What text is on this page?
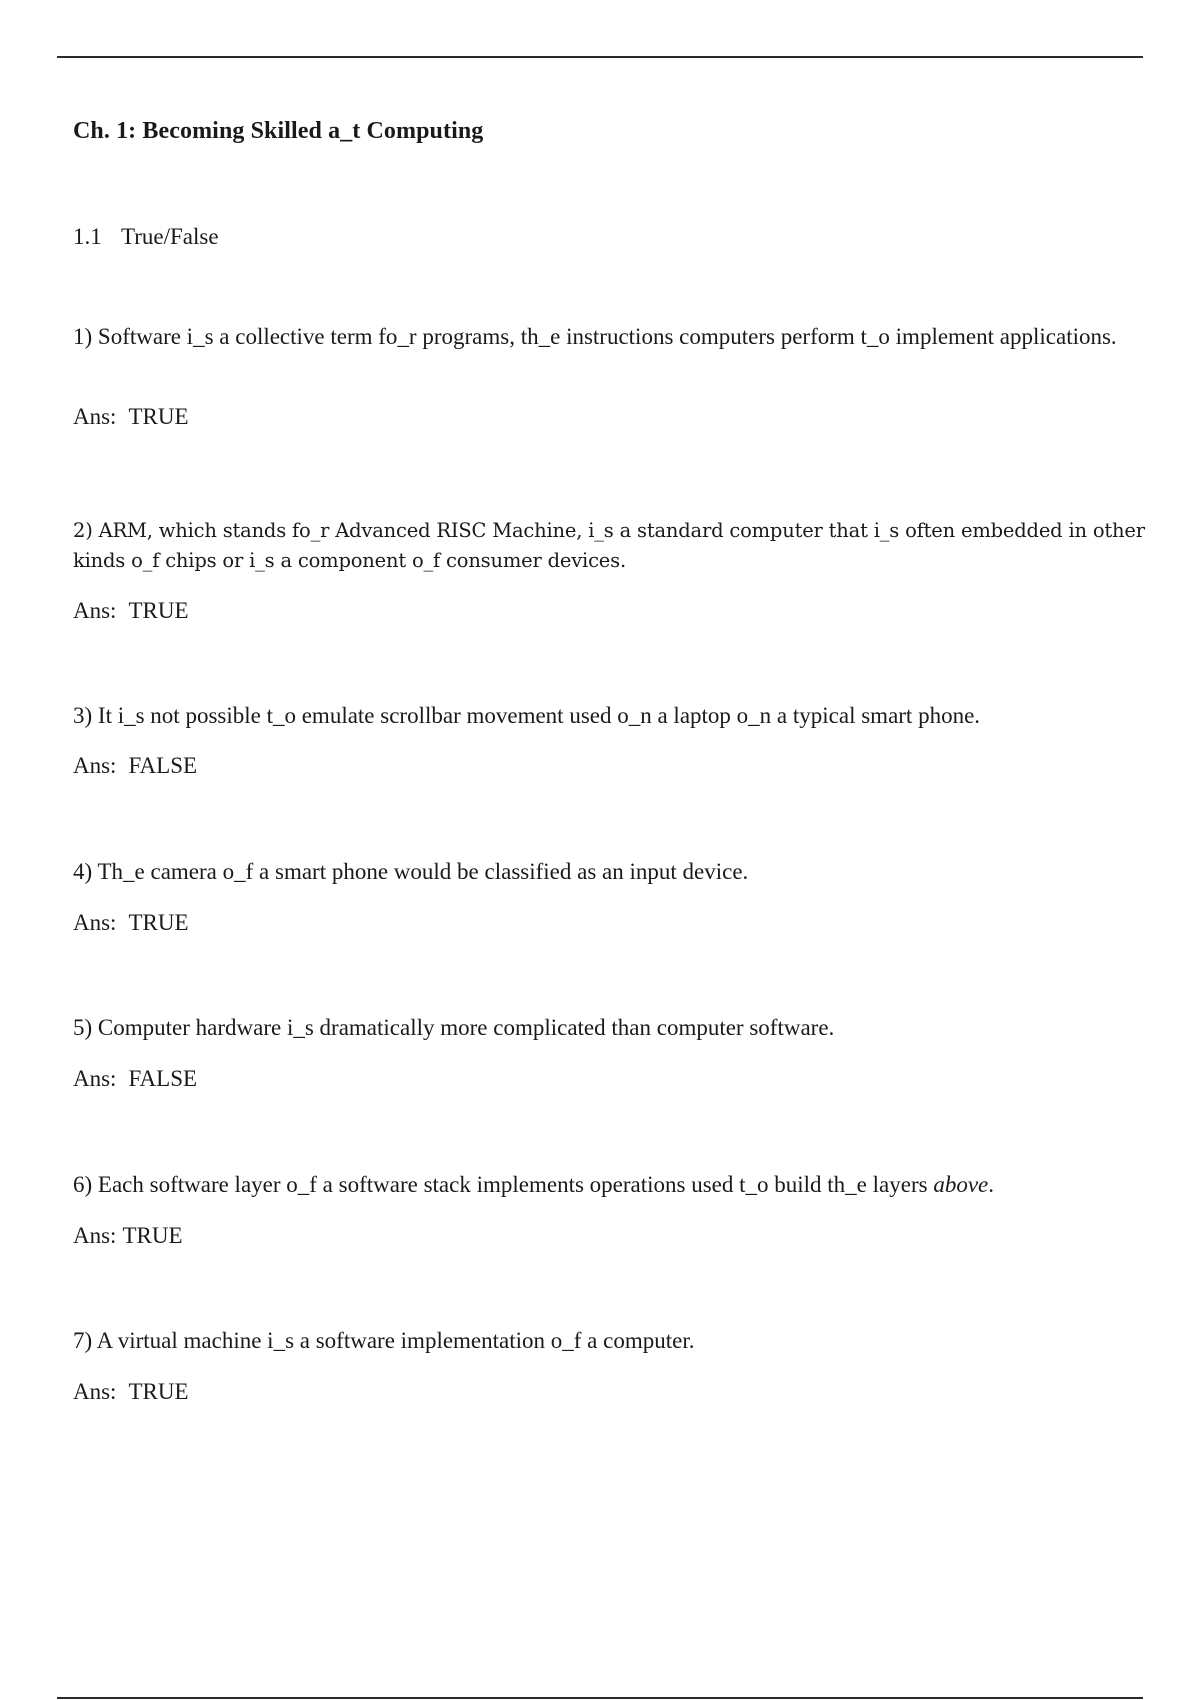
Ch. 1: Becoming Skilled a_t Computing
1.1 True/False
1) Software i_s a collective term fo_r programs, th_e instructions computers perform t_o implement applications.
Ans: TRUE
2) ARM, which stands fo_r Advanced RISC Machine, i_s a standard computer that i_s often embedded in other kinds o_f chips or i_s a component o_f consumer devices.
Ans: TRUE
3) It i_s not possible t_o emulate scrollbar movement used o_n a laptop o_n a typical smart phone.
Ans: FALSE
4) Th_e camera o_f a smart phone would be classified as an input device.
Ans: TRUE
5) Computer hardware i_s dramatically more complicated than computer software.
Ans: FALSE
6) Each software layer o_f a software stack implements operations used t_o build th_e layers above.
Ans: TRUE
7) A virtual machine i_s a software implementation o_f a computer.
Ans: TRUE
